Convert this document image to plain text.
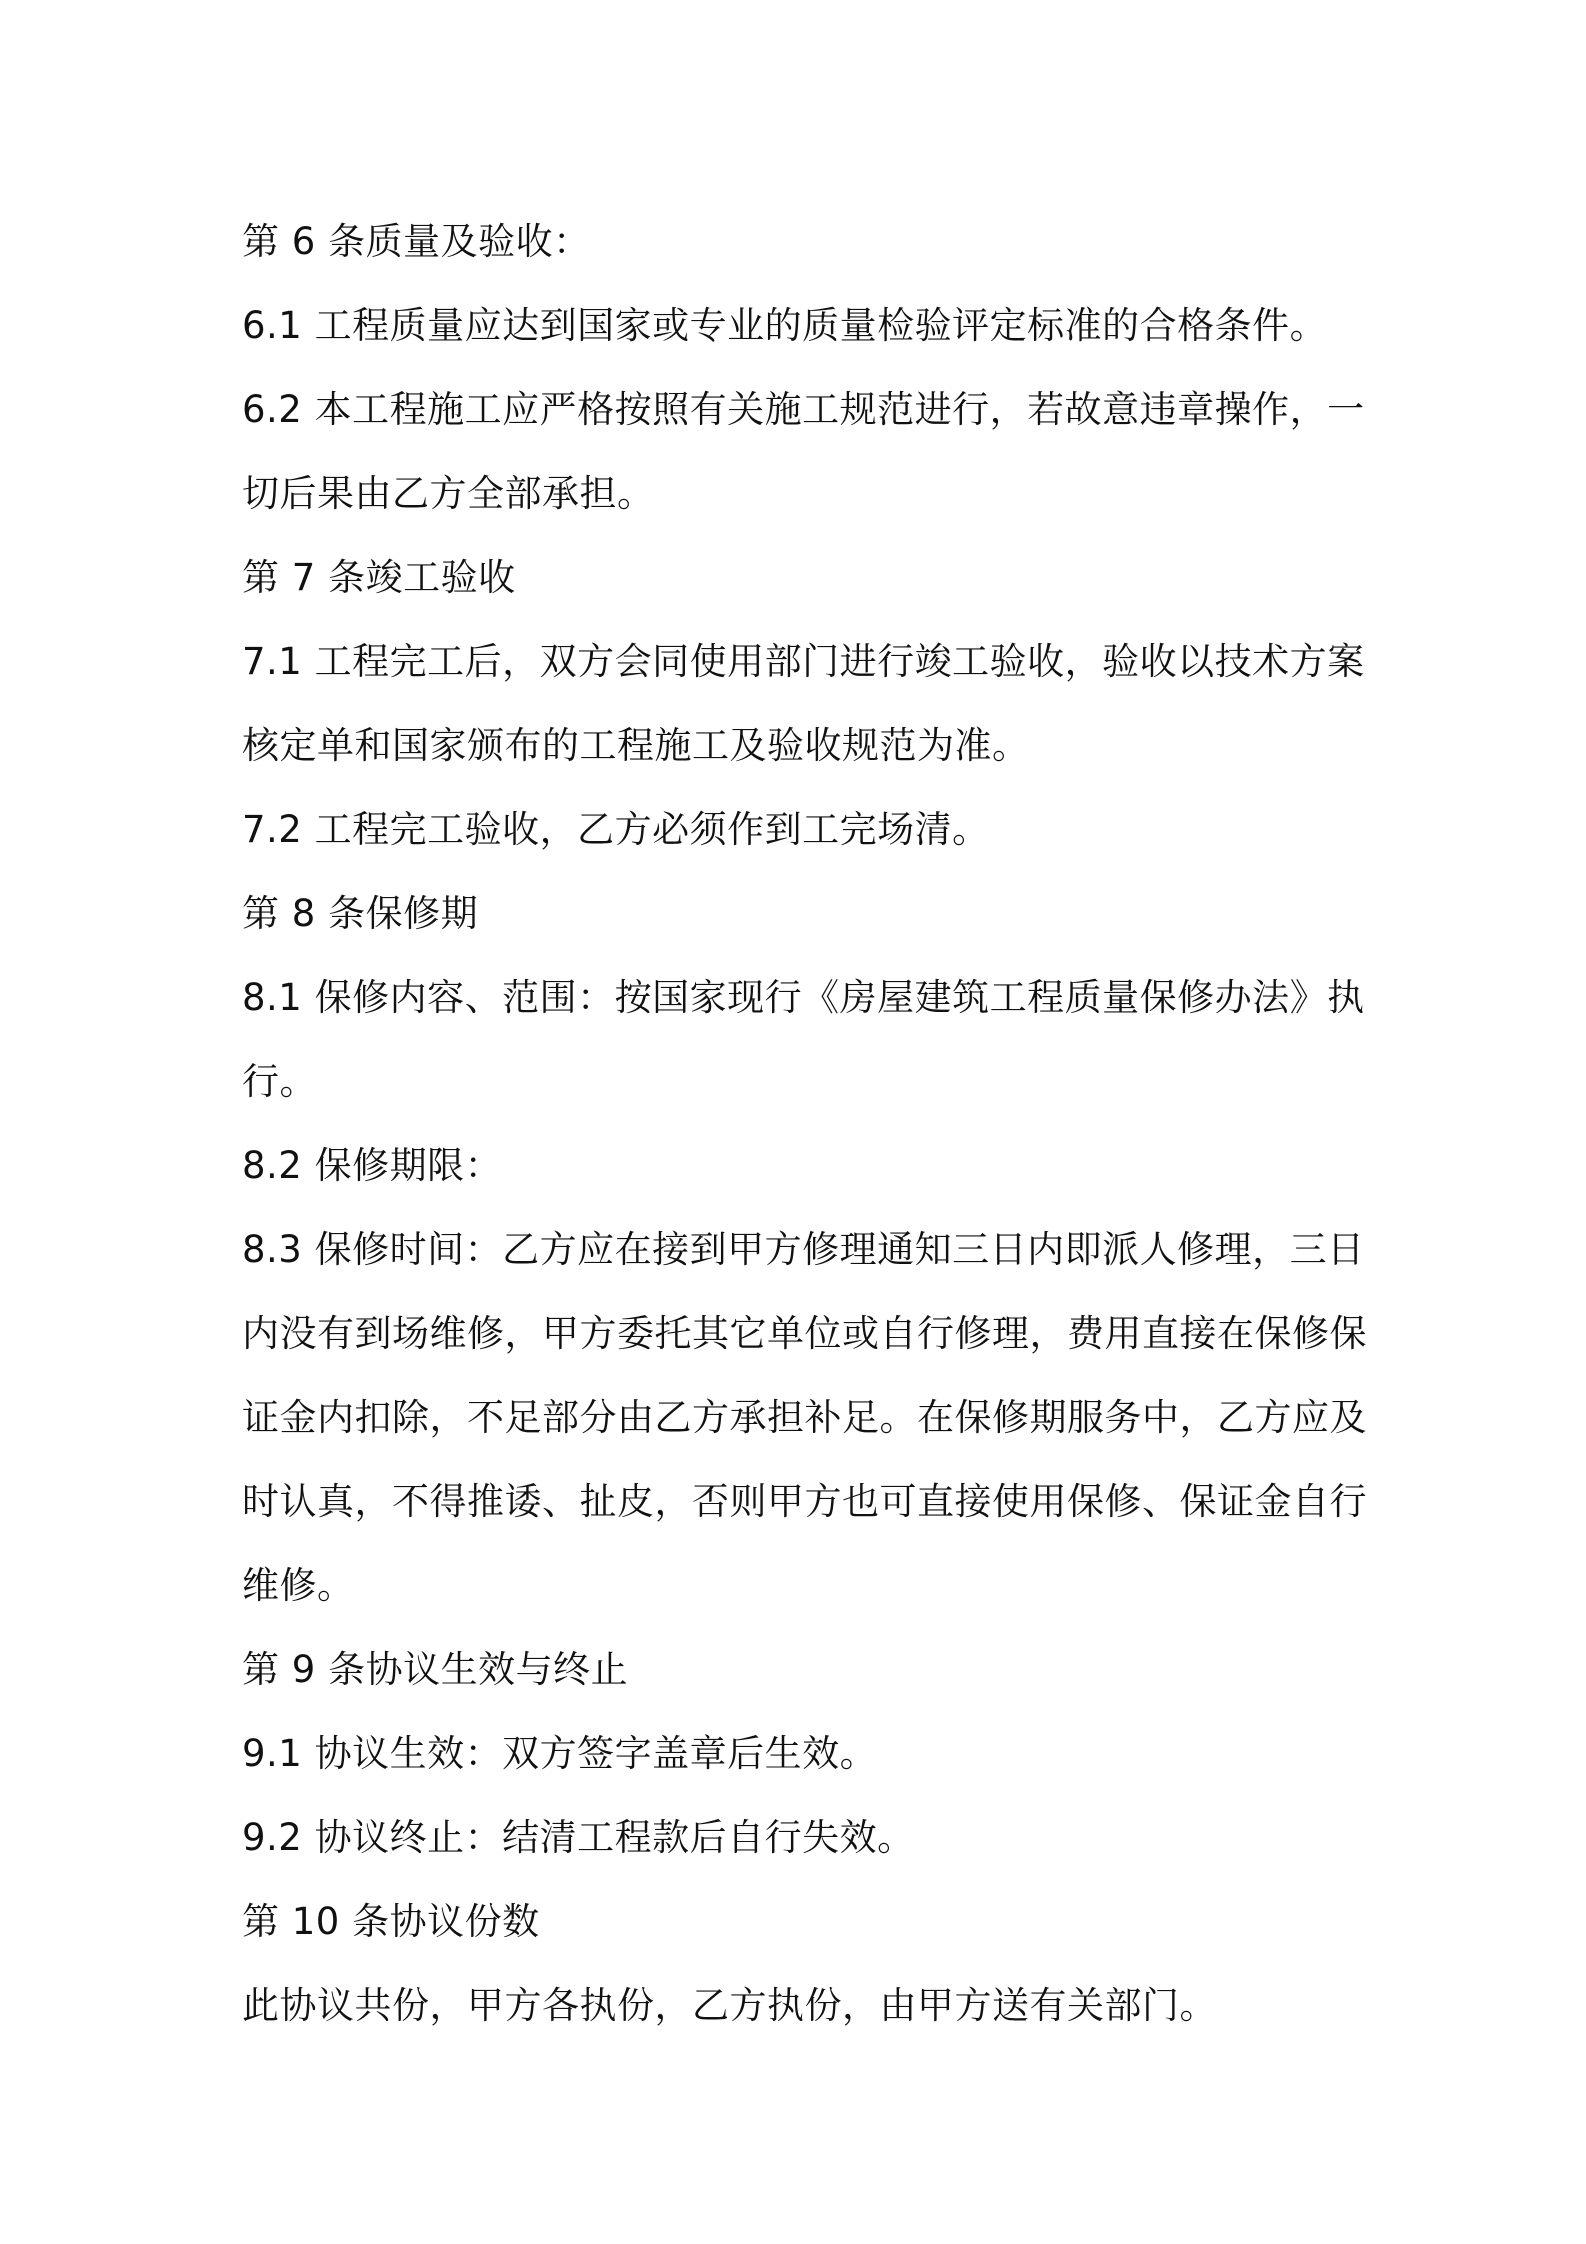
第 6 条质量及验收：
6.1 工程质量应达到国家或专业的质量检验评定标准的合格条件。
6.2 本工程施工应严格按照有关施工规范进行，若故意违章操作，一
切后果由乙方全部承担。
第 7 条竣工验收
7.1 工程完工后，双方会同使用部门进行竣工验收，验收以技术方案
核定单和国家颁布的工程施工及验收规范为准。
7.2 工程完工验收，乙方必须作到工完场清。
第 8 条保修期
8.1 保修内容、范围：按国家现行《房屋建筑工程质量保修办法》执
行。
8.2 保修期限：
8.3 保修时间：乙方应在接到甲方修理通知三日内即派人修理，三日
内没有到场维修，甲方委托其它单位或自行修理，费用直接在保修保
证金内扣除，不足部分由乙方承担补足。在保修期服务中，乙方应及
时认真，不得推诿、扯皮，否则甲方也可直接使用保修、保证金自行
维修。
第 9 条协议生效与终止
9.1 协议生效：双方签字盖章后生效。
9.2 协议终止：结清工程款后自行失效。
第 10 条协议份数
此协议共份，甲方各执份，乙方执份，由甲方送有关部门。
